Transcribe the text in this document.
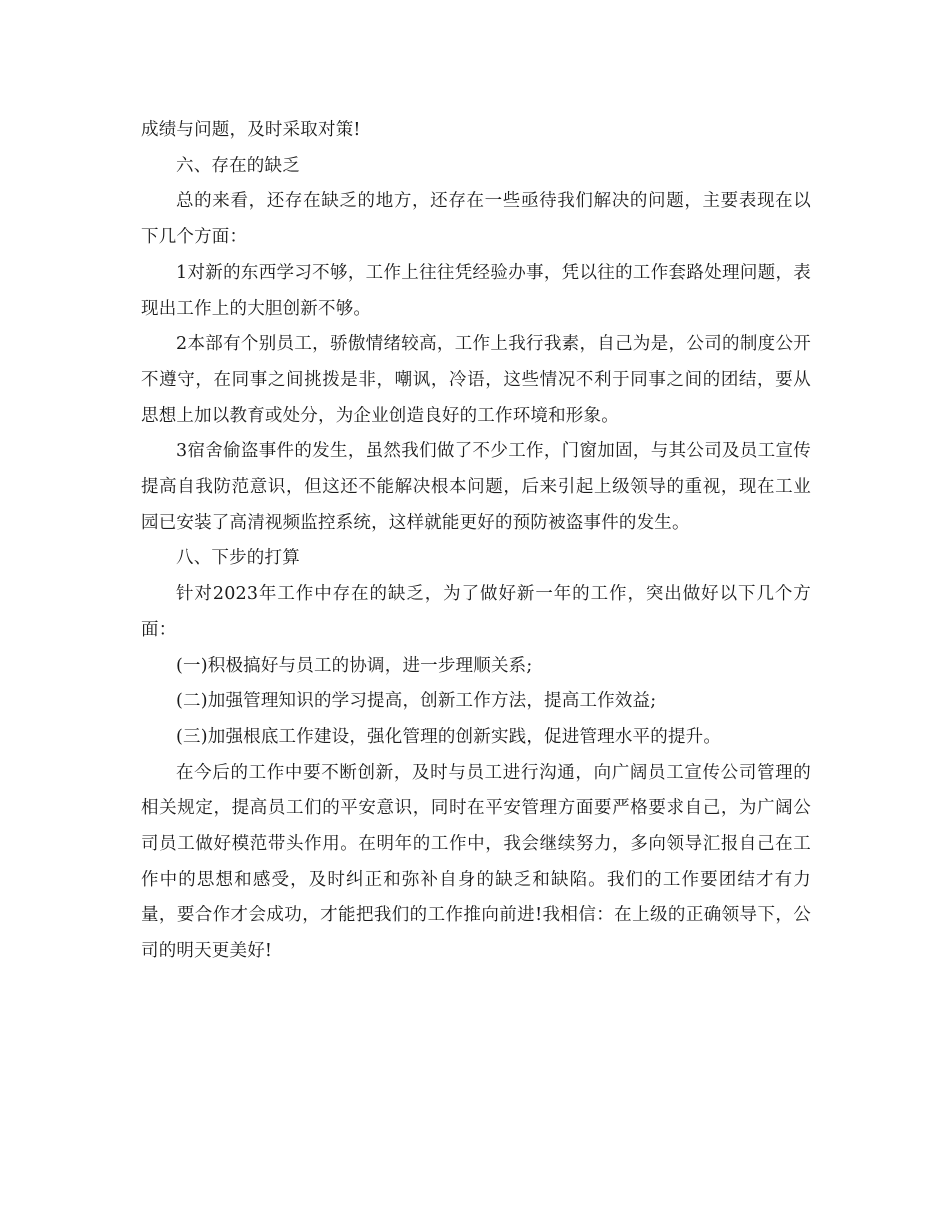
成绩与问题，及时采取对策!

六、存在的缺乏

总的来看，还存在缺乏的地方，还存在一些亟待我们解决的问题，主要表现在以下几个方面：

1对新的东西学习不够，工作上往往凭经验办事，凭以往的工作套路处理问题，表现出工作上的大胆创新不够。

2本部有个别员工，骄傲情绪较高，工作上我行我素，自己为是，公司的制度公开不遵守，在同事之间挑拨是非，嘲讽，冷语，这些情况不利于同事之间的团结，要从思想上加以教育或处分，为企业创造良好的工作环境和形象。

3宿舍偷盗事件的发生，虽然我们做了不少工作，门窗加固，与其公司及员工宣传提高自我防范意识，但这还不能解决根本问题，后来引起上级领导的重视，现在工业园已安装了高清视频监控系统，这样就能更好的预防被盗事件的发生。

八、下步的打算

针对2023年工作中存在的缺乏，为了做好新一年的工作，突出做好以下几个方面：

(一)积极搞好与员工的协调，进一步理顺关系;

(二)加强管理知识的学习提高，创新工作方法，提高工作效益;

(三)加强根底工作建设，强化管理的创新实践，促进管理水平的提升。

在今后的工作中要不断创新，及时与员工进行沟通，向广阔员工宣传公司管理的相关规定，提高员工们的平安意识，同时在平安管理方面要严格要求自己，为广阔公司员工做好模范带头作用。在明年的工作中，我会继续努力，多向领导汇报自己在工作中的思想和感受，及时纠正和弥补自身的缺乏和缺陷。我们的工作要团结才有力量，要合作才会成功，才能把我们的工作推向前进!我相信：在上级的正确领导下，公司的明天更美好!
